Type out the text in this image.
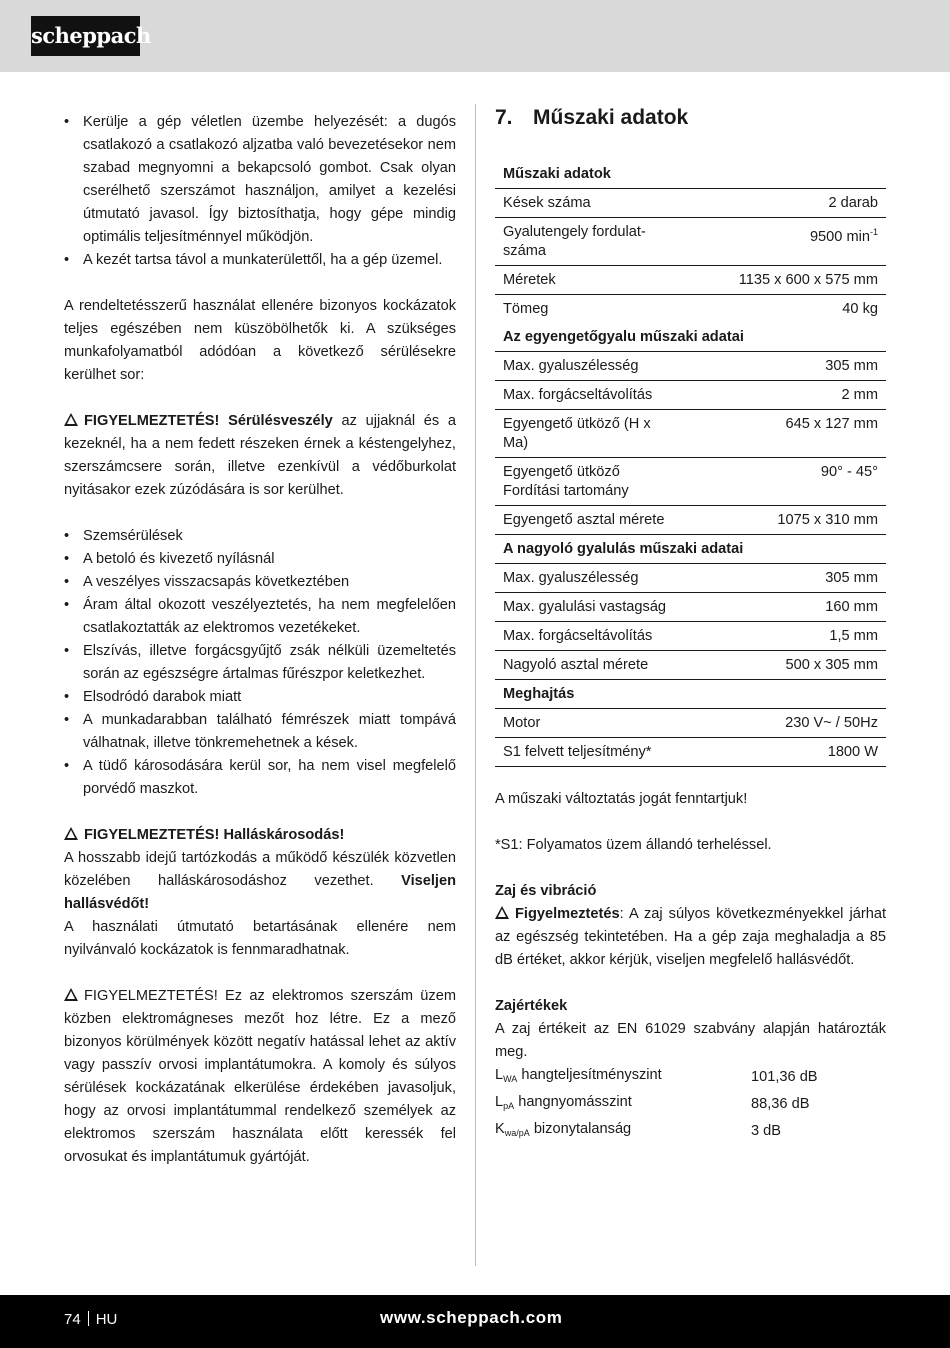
scheppach
• Kerülje a gép véletlen üzembe helyezését: a dugós csatlakozó a csatlakozó aljzatba való bevezetésekor nem szabad megnyomni a bekapcsoló gombot. Csak olyan cserélhető szerszámot használjon, amilyet a kezelési útmutató javasol. Így biztosíthatja, hogy gépe mindig optimális teljesítménnyel működjön.
• A kezét tartsa távol a munkaterülettől, ha a gép üzemel.

A rendeltetésszerű használat ellenére bizonyos kockázatok teljes egészében nem küszöbölhetők ki. A szükséges munkafolyamatból adódóan a következő sérülésekre kerülhet sor:

FIGYELMEZTETÉS! Sérülésveszély az ujjaknál és a kezeknél, ha a nem fedett részeken érnek a késtengelyhez, szerszámcsere során, illetve ezenkívül a védőburkolat nyitásakor ezek zúzódására is sor kerülhet.

• Szemsérülések
• A betoló és kivezető nyílásnál
• A veszélyes visszacsapás következtében
• Áram által okozott veszélyeztetés, ha nem megfelelően csatlakoztatták az elektromos vezetékeket.
• Elszívás, illetve forgácsgyűjtő zsák nélküli üzemeltetés során az egészségre ártalmas fűrészpor keletkezhet.
• Elsodródó darabok miatt
• A munkadarabban található fémrészek miatt tompává válhatnak, illetve tönkremehetnek a kések.
• A tüdő károsodására kerül sor, ha nem visel megfelelő porvédő maszkot.

FIGYELMEZTETÉS! Halláskárosodás!
A hosszabb idejű tartózkodás a működő készülék közvetlen közelében halláskárosodáshoz vezethet. Viseljen hallásvédőt!
A használati útmutató betartásának ellenére nem nyilvánvaló kockázatok is fennmaradhatnak.

FIGYELMEZTETÉS! Ez az elektromos szerszám üzem közben elektromágneses mezőt hoz létre. Ez a mező bizonyos körülmények között negatív hatással lehet az aktív vagy passzív orvosi implantátumokra. A komoly és súlyos sérülések kockázatának elkerülése érdekében javasoljuk, hogy az orvosi implantátummal rendelkező személyek az elektromos szerszám használata előtt keressék fel orvosukat és implantátumuk gyártóját.

7. Műszaki adatok
Műszaki adatok	
Kések száma	2 darab
Gyalutengely fordulat-száma	9500 $\min^{-1}$
Méretek	1135 x 600 x 575 mm
Tömeg	40 kg
Az egyengetőgyalu műszaki adatai	
Max. gyaluszélesség	305 mm
Max. forgácseltávolítás	2 mm
Egyengető ütköző (H x Ma)	645 x 127 mm
Egyengető ütköző Fordítási tartomány	90° - 45°
Egyengető asztal mérete	1075 x 310 mm
A nagyoló gyalulás műszaki adatai	
Max. gyaluszélesség	305 mm
Max. gyalulási vastagság	160 mm
Max. forgácseltávolítás	1,5 mm
Nagyoló asztal mérete	500 x 305 mm
Meghajtás	
Motor	230 V~ / 50Hz
S1 felvett teljesítmény*	1800 W

A műszaki változtatás jogát fenntartjuk!

*S1: Folyamatos üzem állandó terheléssel.

Zaj és vibráció

Figyelmeztetés: A zaj súlyos következményekkel járhat az egészség tekintetében. Ha a gép zaja meghaladja a 85 dB értéket, akkor kérjük, viseljen megfelelő hallásvédőt.

Zajértékek

A zaj értékeit az EN 61029 szabvány alapján határozták meg.

$L_{WA}$ hangteljesítményszint	101,36 dB
$L_{pA}$ hangnyomásszint	88,36 dB
$K_{wa/pA}$ bizonytalanság	3 dB
74 HU	www.scheppach.com
